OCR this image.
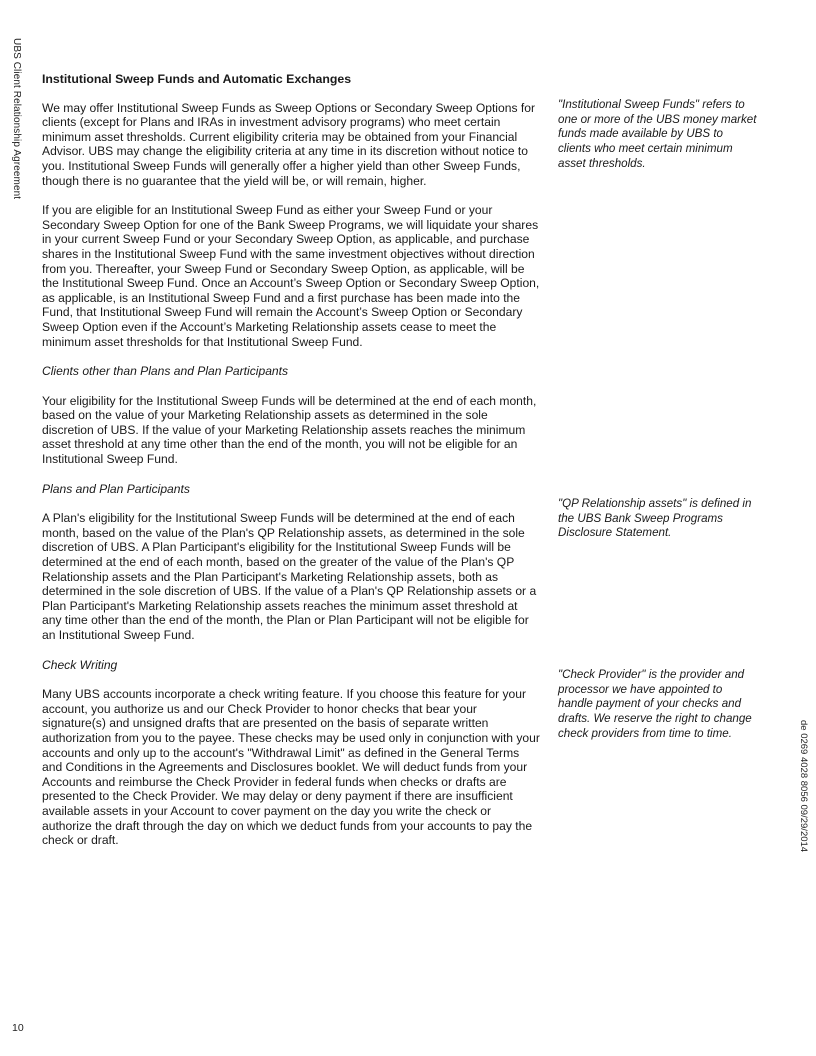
UBS Client Relationship Agreement
de 0269 4028 8056 09/29/2014
10

Institutional Sweep Funds and Automatic Exchanges

We may offer Institutional Sweep Funds as Sweep Options or Secondary Sweep Options for clients (except for Plans and IRAs in investment advisory programs) who meet certain minimum asset thresholds. Current eligibility criteria may be obtained from your Financial Advisor. UBS may change the eligibility criteria at any time in its discretion without notice to you. Institutional Sweep Funds will generally offer a higher yield than other Sweep Funds, though there is no guarantee that the yield will be, or will remain, higher.

If you are eligible for an Institutional Sweep Fund as either your Sweep Fund or your Secondary Sweep Option for one of the Bank Sweep Programs, we will liquidate your shares in your current Sweep Fund or your Secondary Sweep Option, as applicable, and purchase shares in the Institutional Sweep Fund with the same investment objectives without direction from you. Thereafter, your Sweep Fund or Secondary Sweep Option, as applicable, will be the Institutional Sweep Fund. Once an Account’s Sweep Option or Secondary Sweep Option, as applicable, is an Institutional Sweep Fund and a first purchase has been made into the Fund, that Institutional Sweep Fund will remain the Account’s Sweep Option or Secondary Sweep Option even if the Account’s Marketing Relationship assets cease to meet the minimum asset thresholds for that Institutional Sweep Fund.

Clients other than Plans and Plan Participants

Your eligibility for the Institutional Sweep Funds will be determined at the end of each month, based on the value of your Marketing Relationship assets as determined in the sole discretion of UBS. If the value of your Marketing Relationship assets reaches the minimum asset threshold at any time other than the end of the month, you will not be eligible for an Institutional Sweep Fund.

Plans and Plan Participants

A Plan's eligibility for the Institutional Sweep Funds will be determined at the end of each month, based on the value of the Plan's QP Relationship assets, as determined in the sole discretion of UBS. A Plan Participant's eligibility for the Institutional Sweep Funds will be determined at the end of each month, based on the greater of the value of the Plan's QP Relationship assets and the Plan Participant's Marketing Relationship assets, both as determined in the sole discretion of UBS. If the value of a Plan's QP Relationship assets or a Plan Participant's Marketing Relationship assets reaches the minimum asset threshold at any time other than the end of the month, the Plan or Plan Participant will not be eligible for an Institutional Sweep Fund.

Check Writing

Many UBS accounts incorporate a check writing feature. If you choose this feature for your account, you authorize us and our Check Provider to honor checks that bear your signature(s) and unsigned drafts that are presented on the basis of separate written authorization from you to the payee. These checks may be used only in conjunction with your accounts and only up to the account's "Withdrawal Limit" as defined in the General Terms and Conditions in the Agreements and Disclosures booklet. We will deduct funds from your Accounts and reimburse the Check Provider in federal funds when checks or drafts are presented to the Check Provider. We may delay or deny payment if there are insufficient available assets in your Account to cover payment on the day you write the check or authorize the draft through the day on which we deduct funds from your accounts to pay the check or draft.

"Institutional Sweep Funds" refers to one or more of the UBS money market funds made available by UBS to clients who meet certain minimum asset thresholds.
"QP Relationship assets" is defined in the UBS Bank Sweep Programs Disclosure Statement.
"Check Provider" is the provider and processor we have appointed to handle payment of your checks and drafts. We reserve the right to change check providers from time to time.
